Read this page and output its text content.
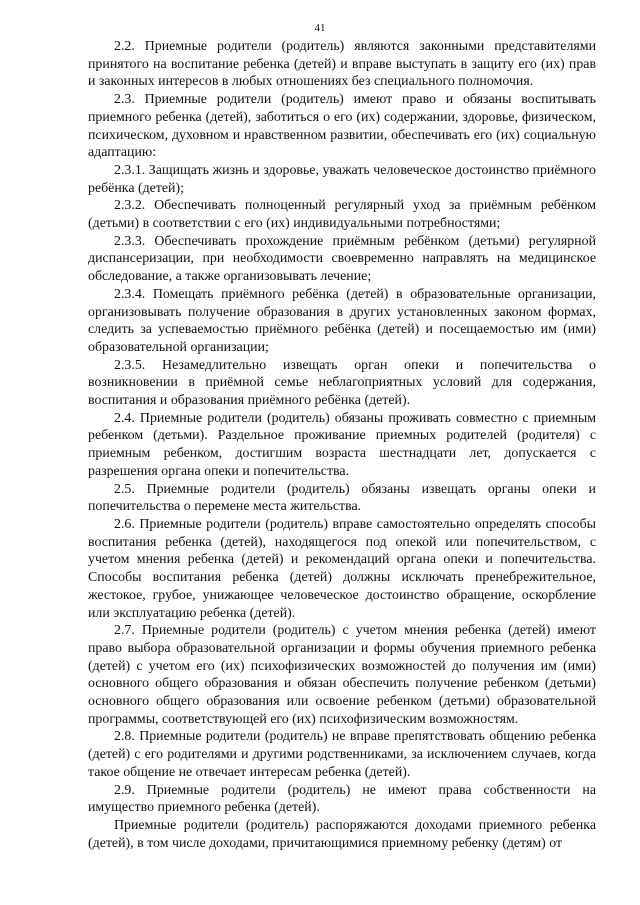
41

2.2. Приемные родители (родитель) являются законными представителями принятого на воспитание ребенка (детей) и вправе выступать в защиту его (их) прав и законных интересов в любых отношениях без специального полномочия.

2.3. Приемные родители (родитель) имеют право и обязаны воспитывать приемного ребенка (детей), заботиться о его (их) содержании, здоровье, физическом, психическом, духовном и нравственном развитии, обеспечивать его (их) социальную адаптацию:

2.3.1. Защищать жизнь и здоровье, уважать человеческое достоинство приёмного ребёнка (детей);

2.3.2. Обеспечивать полноценный регулярный уход за приёмным ребёнком (детьми) в соответствии с его (их) индивидуальными потребностями;

2.3.3. Обеспечивать прохождение приёмным ребёнком (детьми) регулярной диспансеризации, при необходимости своевременно направлять на медицинское обследование, а также организовывать лечение;

2.3.4. Помещать приёмного ребёнка (детей) в образовательные организации, организовывать получение образования в других установленных законом формах, следить за успеваемостью приёмного ребёнка (детей) и посещаемостью им (ими) образовательной организации;

2.3.5. Незамедлительно извещать орган опеки и попечительства о возникновении в приёмной семье неблагоприятных условий для содержания, воспитания и образования приёмного ребёнка (детей).

2.4. Приемные родители (родитель) обязаны проживать совместно с приемным ребенком (детьми). Раздельное проживание приемных родителей (родителя) с приемным ребенком, достигшим возраста шестнадцати лет, допускается с разрешения органа опеки и попечительства.

2.5. Приемные родители (родитель) обязаны извещать органы опеки и попечительства о перемене места жительства.

2.6. Приемные родители (родитель) вправе самостоятельно определять способы воспитания ребенка (детей), находящегося под опекой или попечительством, с учетом мнения ребенка (детей) и рекомендаций органа опеки и попечительства. Способы воспитания ребенка (детей) должны исключать пренебрежительное, жестокое, грубое, унижающее человеческое достоинство обращение, оскорбление или эксплуатацию ребенка (детей).

2.7. Приемные родители (родитель) с учетом мнения ребенка (детей) имеют право выбора образовательной организации и формы обучения приемного ребенка (детей) с учетом его (их) психофизических возможностей до получения им (ими) основного общего образования и обязан обеспечить получение ребенком (детьми) основного общего образования или освоение ребенком (детьми) образовательной программы, соответствующей его (их) психофизическим возможностям.

2.8. Приемные родители (родитель) не вправе препятствовать общению ребенка (детей) с его родителями и другими родственниками, за исключением случаев, когда такое общение не отвечает интересам ребенка (детей).

2.9. Приемные родители (родитель) не имеют права собственности на имущество приемного ребенка (детей).

Приемные родители (родитель) распоряжаются доходами приемного ребенка (детей), в том числе доходами, причитающимися приемному ребенку (детям) от
